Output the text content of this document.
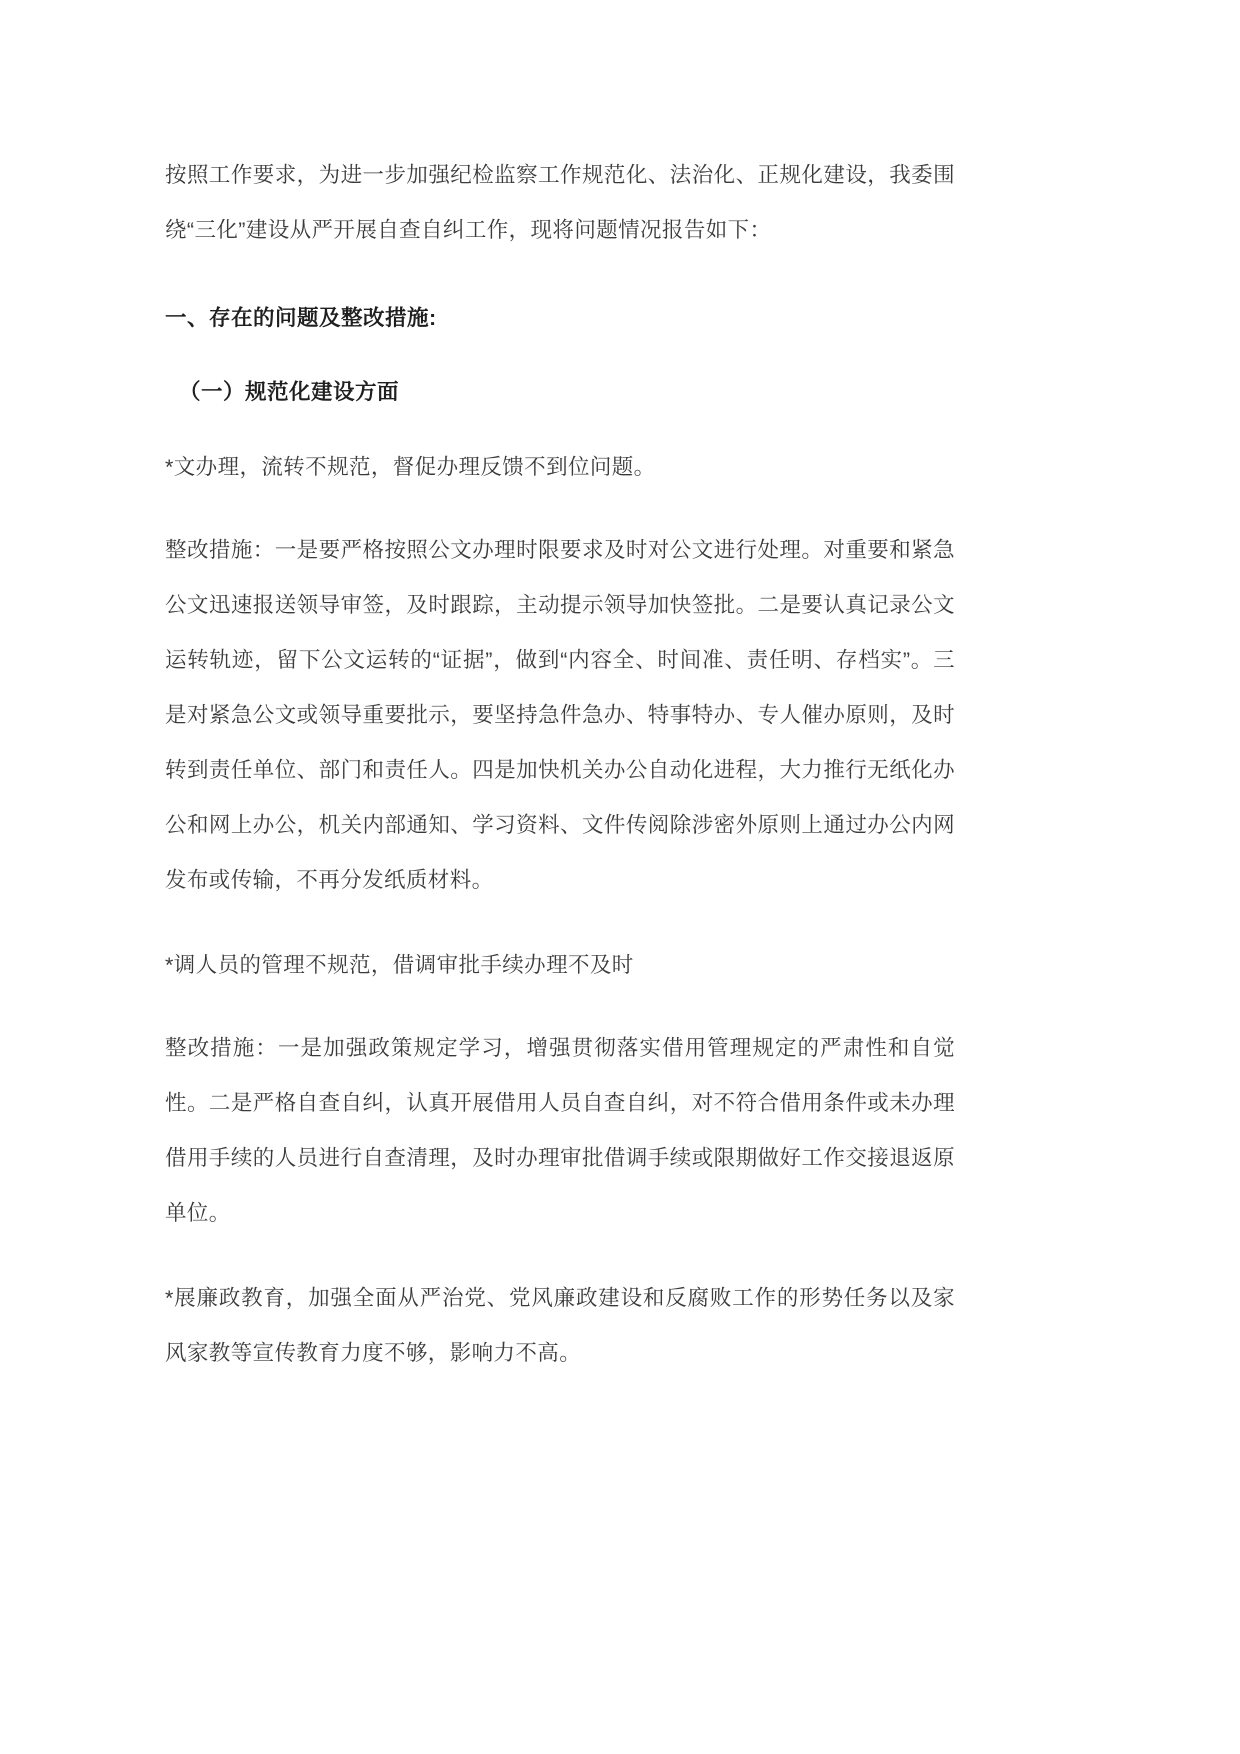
按照工作要求，为进一步加强纪检监察工作规范化、法治化、正规化建设，我委围绕“三化”建设从严开展自查自纠工作，现将问题情况报告如下：

一、存在的问题及整改措施:
（一）规范化建设方面

*文办理，流转不规范，督促办理反馈不到位问题。

整改措施：一是要严格按照公文办理时限要求及时对公文进行处理。对重要和紧急公文迅速报送领导审签，及时跟踪，主动提示领导加快签批。二是要认真记录公文运转轨迹，留下公文运转的“证据”，做到“内容全、时间准、责任明、存档实”。三是对紧急公文或领导重要批示，要坚持急件急办、特事特办、专人催办原则，及时转到责任单位、部门和责任人。四是加快机关办公自动化进程，大力推行无纸化办公和网上办公，机关内部通知、学习资料、文件传阅除涉密外原则上通过办公内网发布或传输，不再分发纸质材料。

*调人员的管理不规范，借调审批手续办理不及时

整改措施：一是加强政策规定学习，增强贯彻落实借用管理规定的严肃性和自觉性。二是严格自查自纠，认真开展借用人员自查自纠，对不符合借用条件或未办理借用手续的人员进行自查清理，及时办理审批借调手续或限期做好工作交接退返原单位。

*展廉政教育，加强全面从严治党、党风廉政建设和反腐败工作的形势任务以及家风家教等宣传教育力度不够，影响力不高。
